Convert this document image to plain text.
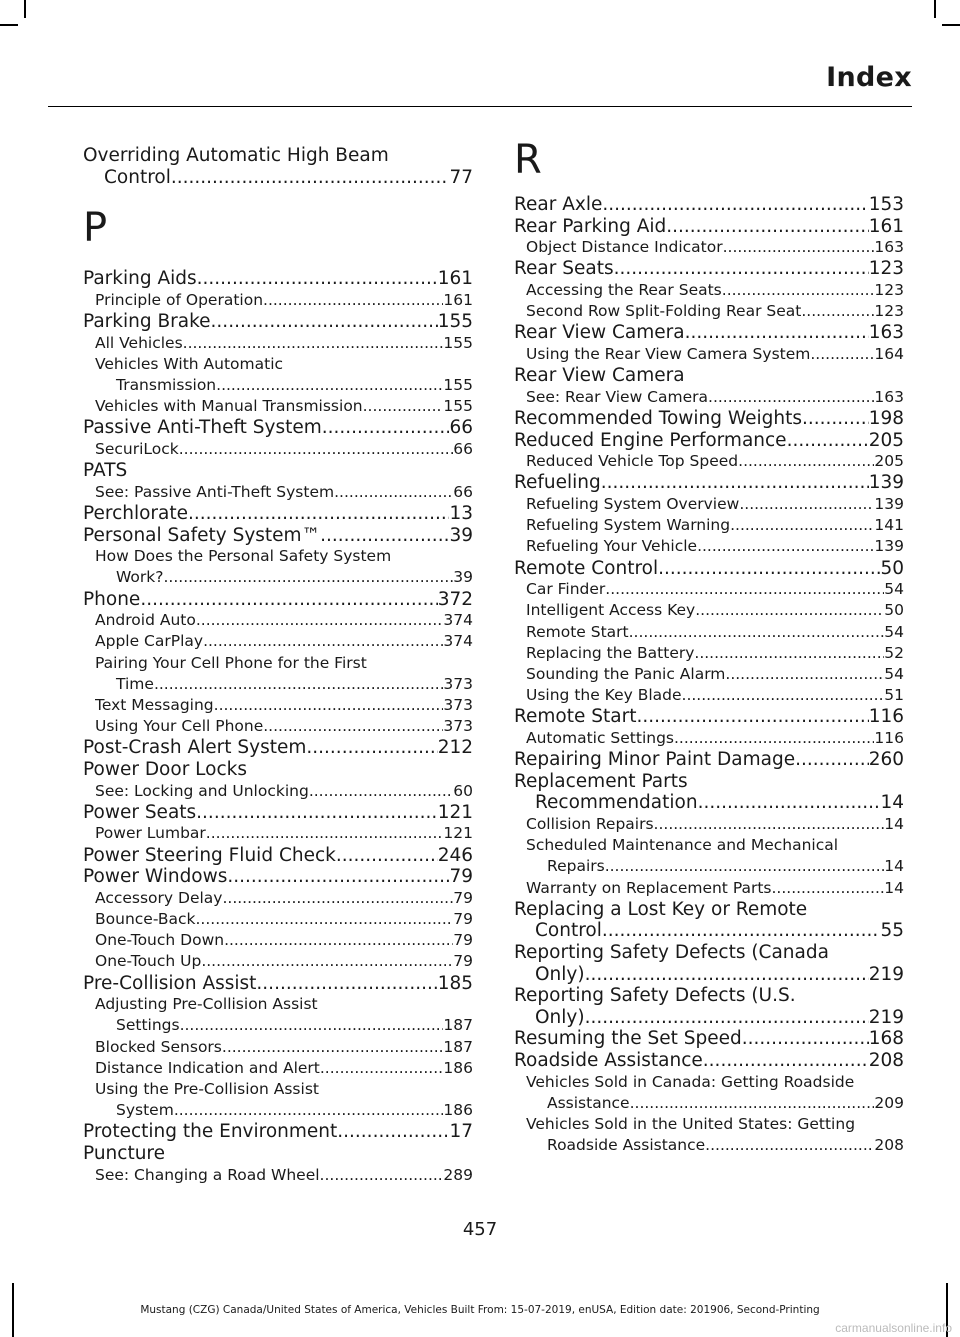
Index
Overriding Automatic High Beam
Control .....	77
P
Parking Aids .....	161
Principle of Operation .....	161
Parking Brake .....	155
All Vehicles .....	155
Vehicles With Automatic
Transmission .....	155
Vehicles with Manual Transmission .....	155
Passive Anti-Theft System .....	66
SecuriLock .....	66
PATS
See: Passive Anti-Theft System .....	66
Perchlorate .....	13
Personal Safety System™ .....	39
How Does the Personal Safety System
Work? .....	39
Phone .....	372
Android Auto .....	374
Apple CarPlay .....	374
Pairing Your Cell Phone for the First
Time .....	373
Text Messaging .....	373
Using Your Cell Phone .....	373
Post-Crash Alert System .....	212
Power Door Locks
See: Locking and Unlocking .....	60
Power Seats .....	121
Power Lumbar .....	121
Power Steering Fluid Check .....	246
Power Windows .....	79
Accessory Delay .....	79
Bounce-Back .....	79
One-Touch Down .....	79
One-Touch Up .....	79
Pre-Collision Assist .....	185
Adjusting Pre-Collision Assist
Settings .....	187
Blocked Sensors .....	187
Distance Indication and Alert .....	186
Using the Pre-Collision Assist
System .....	186
Protecting the Environment .....	17
Puncture
See: Changing a Road Wheel .....	289
R
Rear Axle .....	153
Rear Parking Aid .....	161
Object Distance Indicator .....	163
Rear Seats .....	123
Accessing the Rear Seats .....	123
Second Row Split-Folding Rear Seat .....	123
Rear View Camera .....	163
Using the Rear View Camera System .....	164
Rear View Camera
See: Rear View Camera .....	163
Recommended Towing Weights .....	198
Reduced Engine Performance .....	205
Reduced Vehicle Top Speed .....	205
Refueling .....	139
Refueling System Overview .....	139
Refueling System Warning .....	141
Refueling Your Vehicle .....	139
Remote Control .....	50
Car Finder .....	54
Intelligent Access Key .....	50
Remote Start .....	54
Replacing the Battery .....	52
Sounding the Panic Alarm .....	54
Using the Key Blade .....	51
Remote Start .....	116
Automatic Settings .....	116
Repairing Minor Paint Damage .....	260
Replacement Parts
Recommendation .....	14
Collision Repairs .....	14
Scheduled Maintenance and Mechanical
Repairs .....	14
Warranty on Replacement Parts .....	14
Replacing a Lost Key or Remote
Control .....	55
Reporting Safety Defects (Canada
Only) .....	219
Reporting Safety Defects (U.S.
Only) .....	219
Resuming the Set Speed .....	168
Roadside Assistance .....	208
Vehicles Sold in Canada: Getting Roadside
Assistance .....	209
Vehicles Sold in the United States: Getting
Roadside Assistance .....	208
457
Mustang (CZG) Canada/United States of America, Vehicles Built From: 15-07-2019, enUSA, Edition date: 201906, Second-Printing
carmanualsonline.info
